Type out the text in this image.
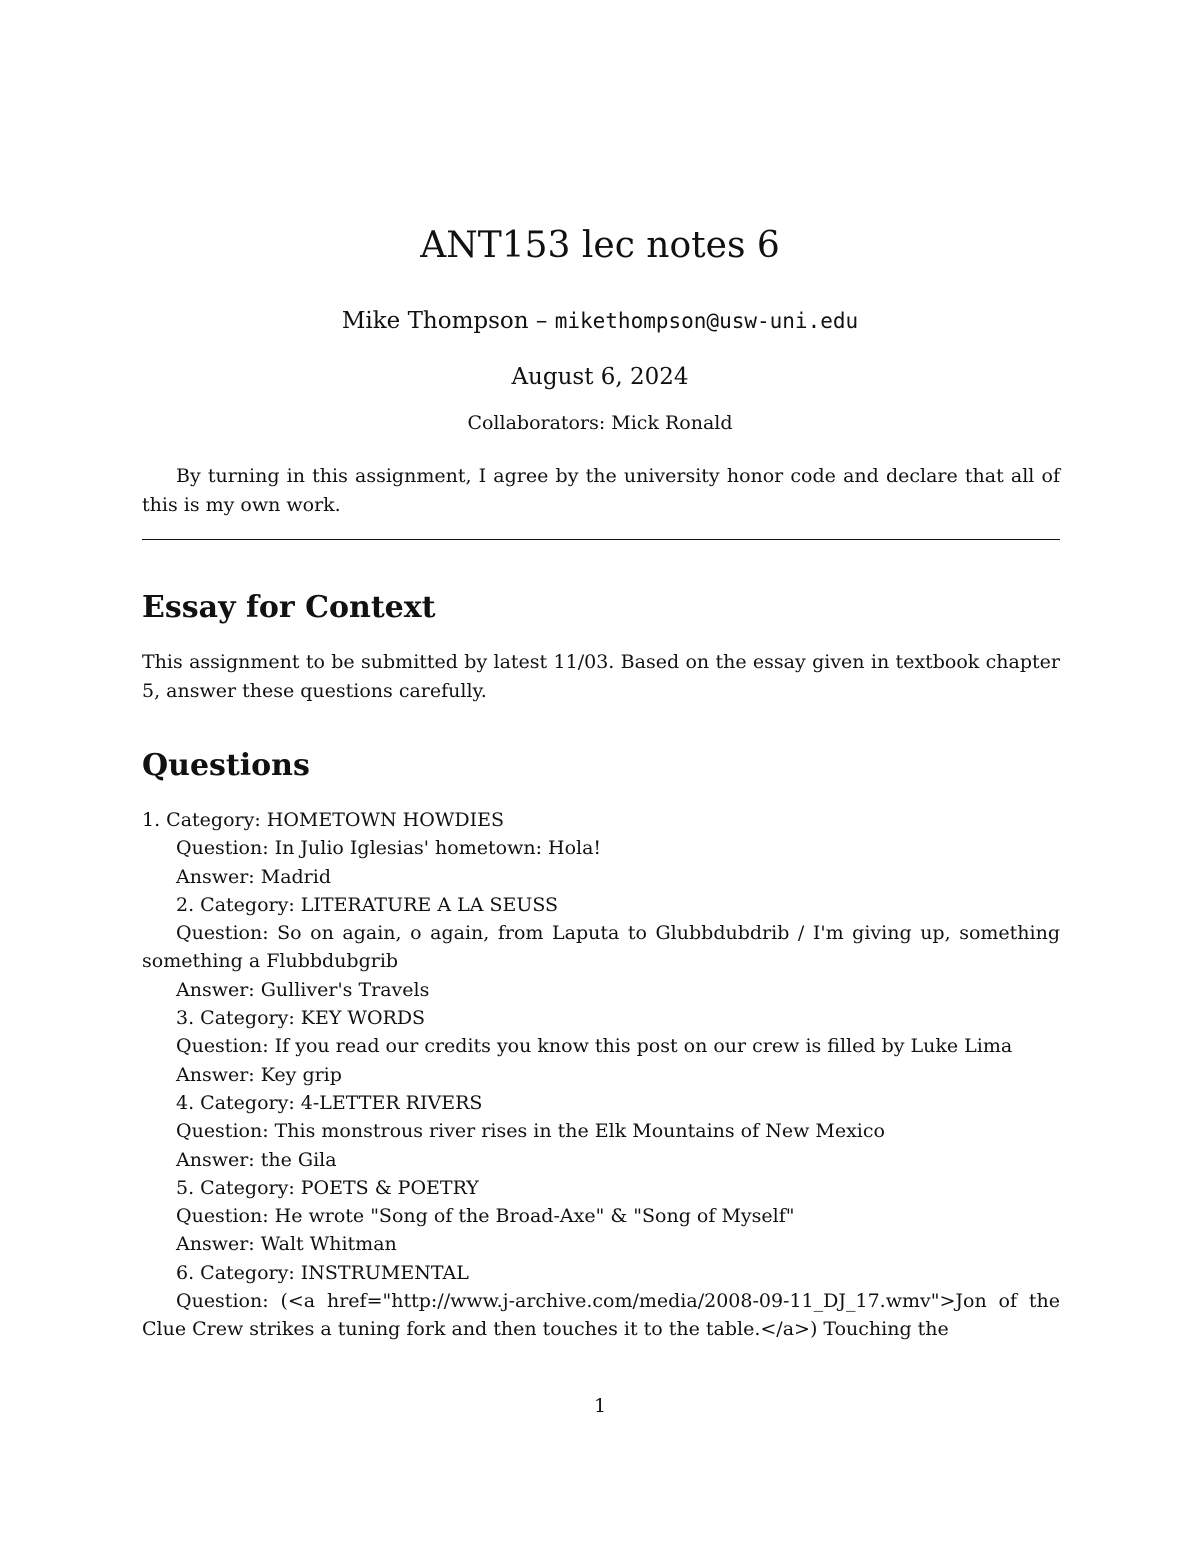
ANT153 lec notes 6
Mike Thompson – mikethompson@usw-uni.edu
August 6, 2024
Collaborators: Mick Ronald
By turning in this assignment, I agree by the university honor code and declare that all of this is my own work.
Essay for Context
This assignment to be submitted by latest 11/03. Based on the essay given in textbook chapter 5, answer these questions carefully.
Questions
1. Category: HOMETOWN HOWDIES
Question: In Julio Iglesias' hometown: Hola!
Answer: Madrid
2. Category: LITERATURE A LA SEUSS
Question: So on again, o again, from Laputa to Glubbdubdrib / I'm giving up, something something a Flubbdubgrib
Answer: Gulliver's Travels
3. Category: KEY WORDS
Question: If you read our credits you know this post on our crew is filled by Luke Lima
Answer: Key grip
4. Category: 4-LETTER RIVERS
Question: This monstrous river rises in the Elk Mountains of New Mexico
Answer: the Gila
5. Category: POETS & POETRY
Question: He wrote "Song of the Broad-Axe" & "Song of Myself"
Answer: Walt Whitman
6. Category: INSTRUMENTAL
Question: (<a href="http://www.j-archive.com/media/2008-09-11_DJ_17.wmv">Jon of the Clue Crew strikes a tuning fork and then touches it to the table.</a>) Touching the
1
